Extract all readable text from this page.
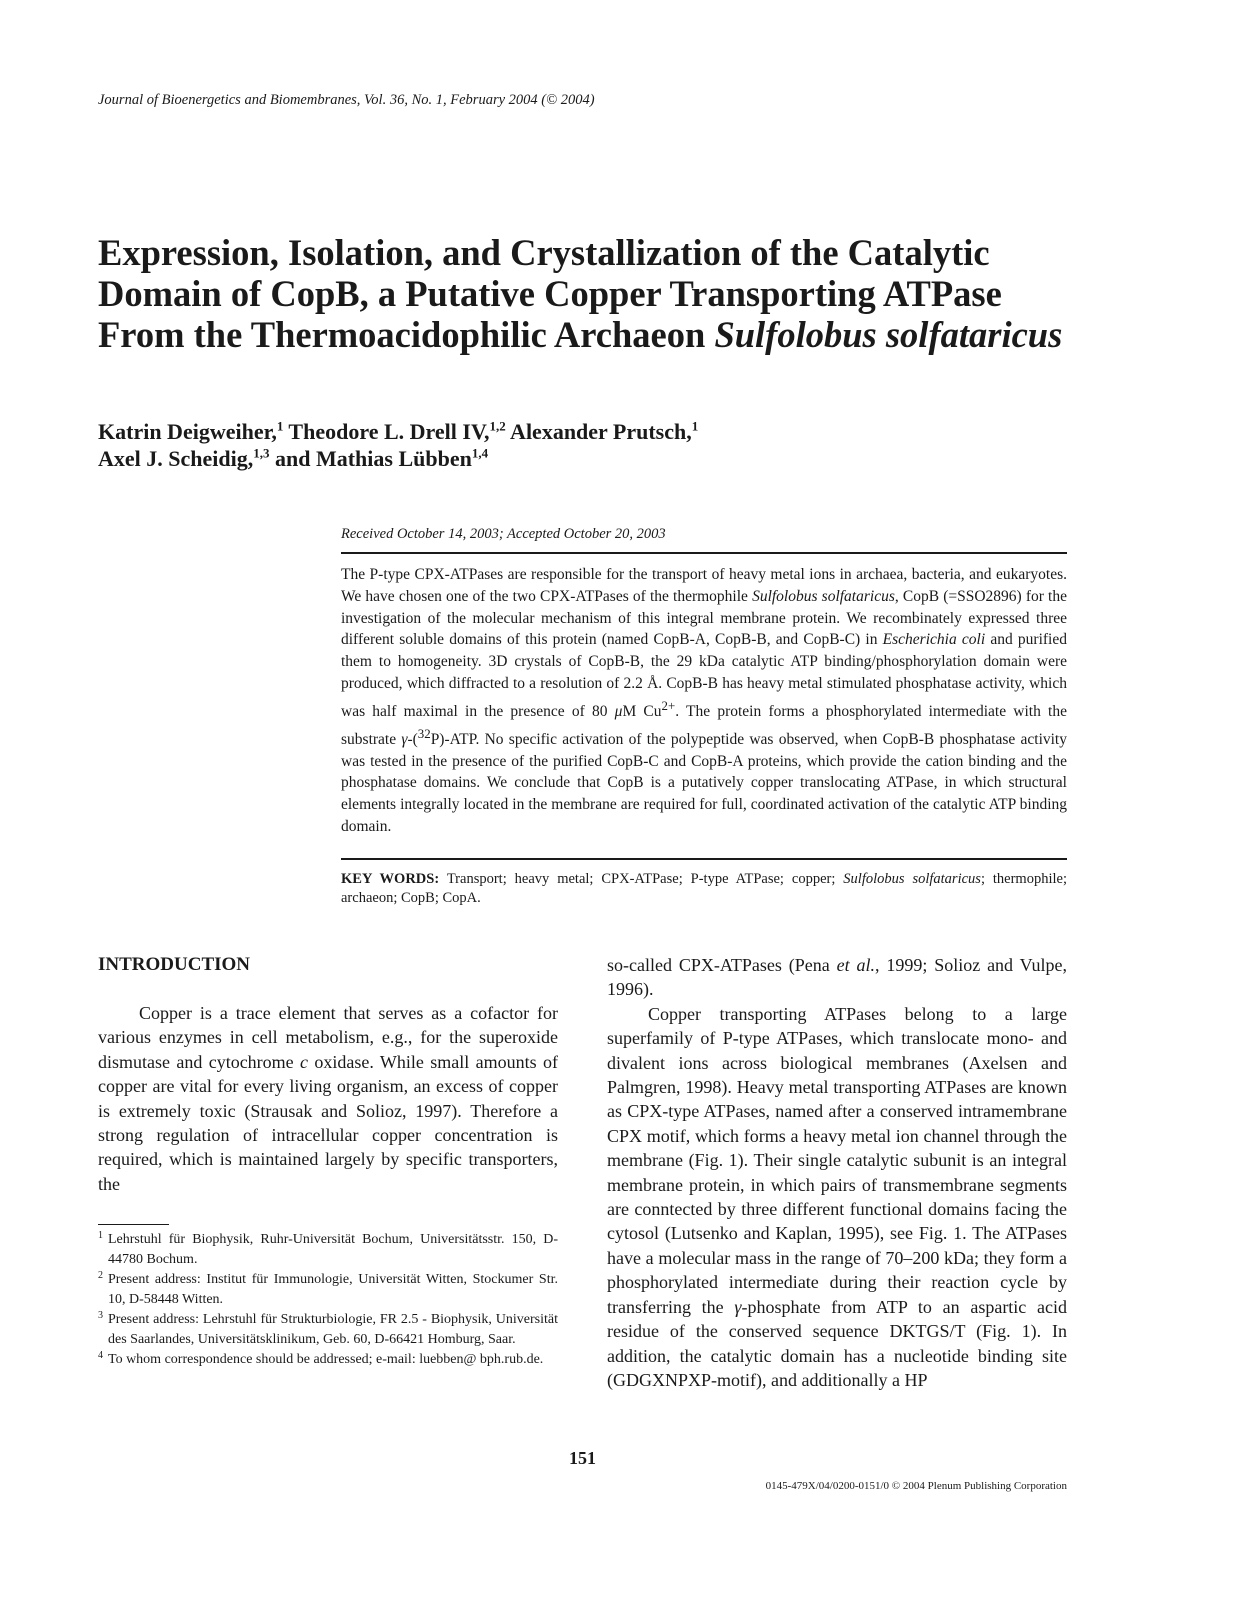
Journal of Bioenergetics and Biomembranes, Vol. 36, No. 1, February 2004 (© 2004)
Expression, Isolation, and Crystallization of the Catalytic
Domain of CopB, a Putative Copper Transporting ATPase
From the Thermoacidophilic Archaeon Sulfolobus solfataricus
Katrin Deigweiher,$^1$ Theodore L. Drell IV,$^{1,2}$ Alexander Prutsch,$^1$
Axel J. Scheidig,$^{1,3}$ and Mathias Lübben$^{1,4}$
Received October 14, 2003; Accepted October 20, 2003

The P-type CPX-ATPases are responsible for the transport of heavy metal ions in archaea, bacteria, and eukaryotes. We have chosen one of the two CPX-ATPases of the thermophile Sulfolobus solfataricus, CopB (=SSO2896) for the investigation of the molecular mechanism of this integral membrane protein. We recombinately expressed three different soluble domains of this protein (named CopB-A, CopB-B, and CopB-C) in Escherichia coli and purified them to homogeneity. 3D crystals of CopB-B, the 29 kDa catalytic ATP binding/phosphorylation domain were produced, which diffracted to a resolution of 2.2 Å. CopB-B has heavy metal stimulated phosphatase activity, which was half maximal in the presence of 80 μM $Cu^{2+}$. The protein forms a phosphorylated intermediate with the substrate γ-($^{32}$P)-ATP. No specific activation of the polypeptide was observed, when CopB-B phosphatase activity was tested in the presence of the purified CopB-C and CopB-A proteins, which provide the cation binding and the phosphatase domains. We conclude that CopB is a putatively copper translocating ATPase, in which structural elements integrally located in the membrane are required for full, coordinated activation of the catalytic ATP binding domain.

KEY WORDS: Transport; heavy metal; CPX-ATPase; P-type ATPase; copper; Sulfolobus solfataricus; thermophile; archaeon; CopB; CopA.
INTRODUCTION

Copper is a trace element that serves as a cofactor for various enzymes in cell metabolism, e.g., for the superoxide dismutase and cytochrome c oxidase. While small amounts of copper are vital for every living organism, an excess of copper is extremely toxic (Strausak and Solioz, 1997). Therefore a strong regulation of intracellular copper concentration is required, which is maintained largely by specific transporters, the

so-called CPX-ATPases (Pena et al., 1999; Solioz and Vulpe, 1996).

Copper transporting ATPases belong to a large superfamily of P-type ATPases, which translocate mono- and divalent ions across biological membranes (Axelsen and Palmgren, 1998). Heavy metal transporting ATPases are known as CPX-type ATPases, named after a conserved intramembrane CPX motif, which forms a heavy metal ion channel through the membrane (Fig. 1). Their single catalytic subunit is an integral membrane protein, in which pairs of transmembrane segments are conntected by three different functional domains facing the cytosol (Lutsenko and Kaplan, 1995), see Fig. 1. The ATPases have a molecular mass in the range of 70–200 kDa; they form a phosphorylated intermediate during their reaction cycle by transferring the γ-phosphate from ATP to an aspartic acid residue of the conserved sequence DKTGS/T (Fig. 1). In addition, the catalytic domain has a nucleotide binding site (GDGXNPXP-motif), and additionally a HP

1 Lehrstuhl für Biophysik, Ruhr-Universität Bochum, Universitätsstr. 150, D-44780 Bochum.

2 Present address: Institut für Immunologie, Universität Witten, Stockumer Str. 10, D-58448 Witten.

3 Present address: Lehrstuhl für Strukturbiologie, FR 2.5 - Biophysik, Universität des Saarlandes, Universitätsklinikum, Geb. 60, D-66421 Homburg, Saar.

4 To whom correspondence should be addressed; e-mail: luebben@ bph.rub.de.

151
0145-479X/04/0200-0151/0 © 2004 Plenum Publishing Corporation
